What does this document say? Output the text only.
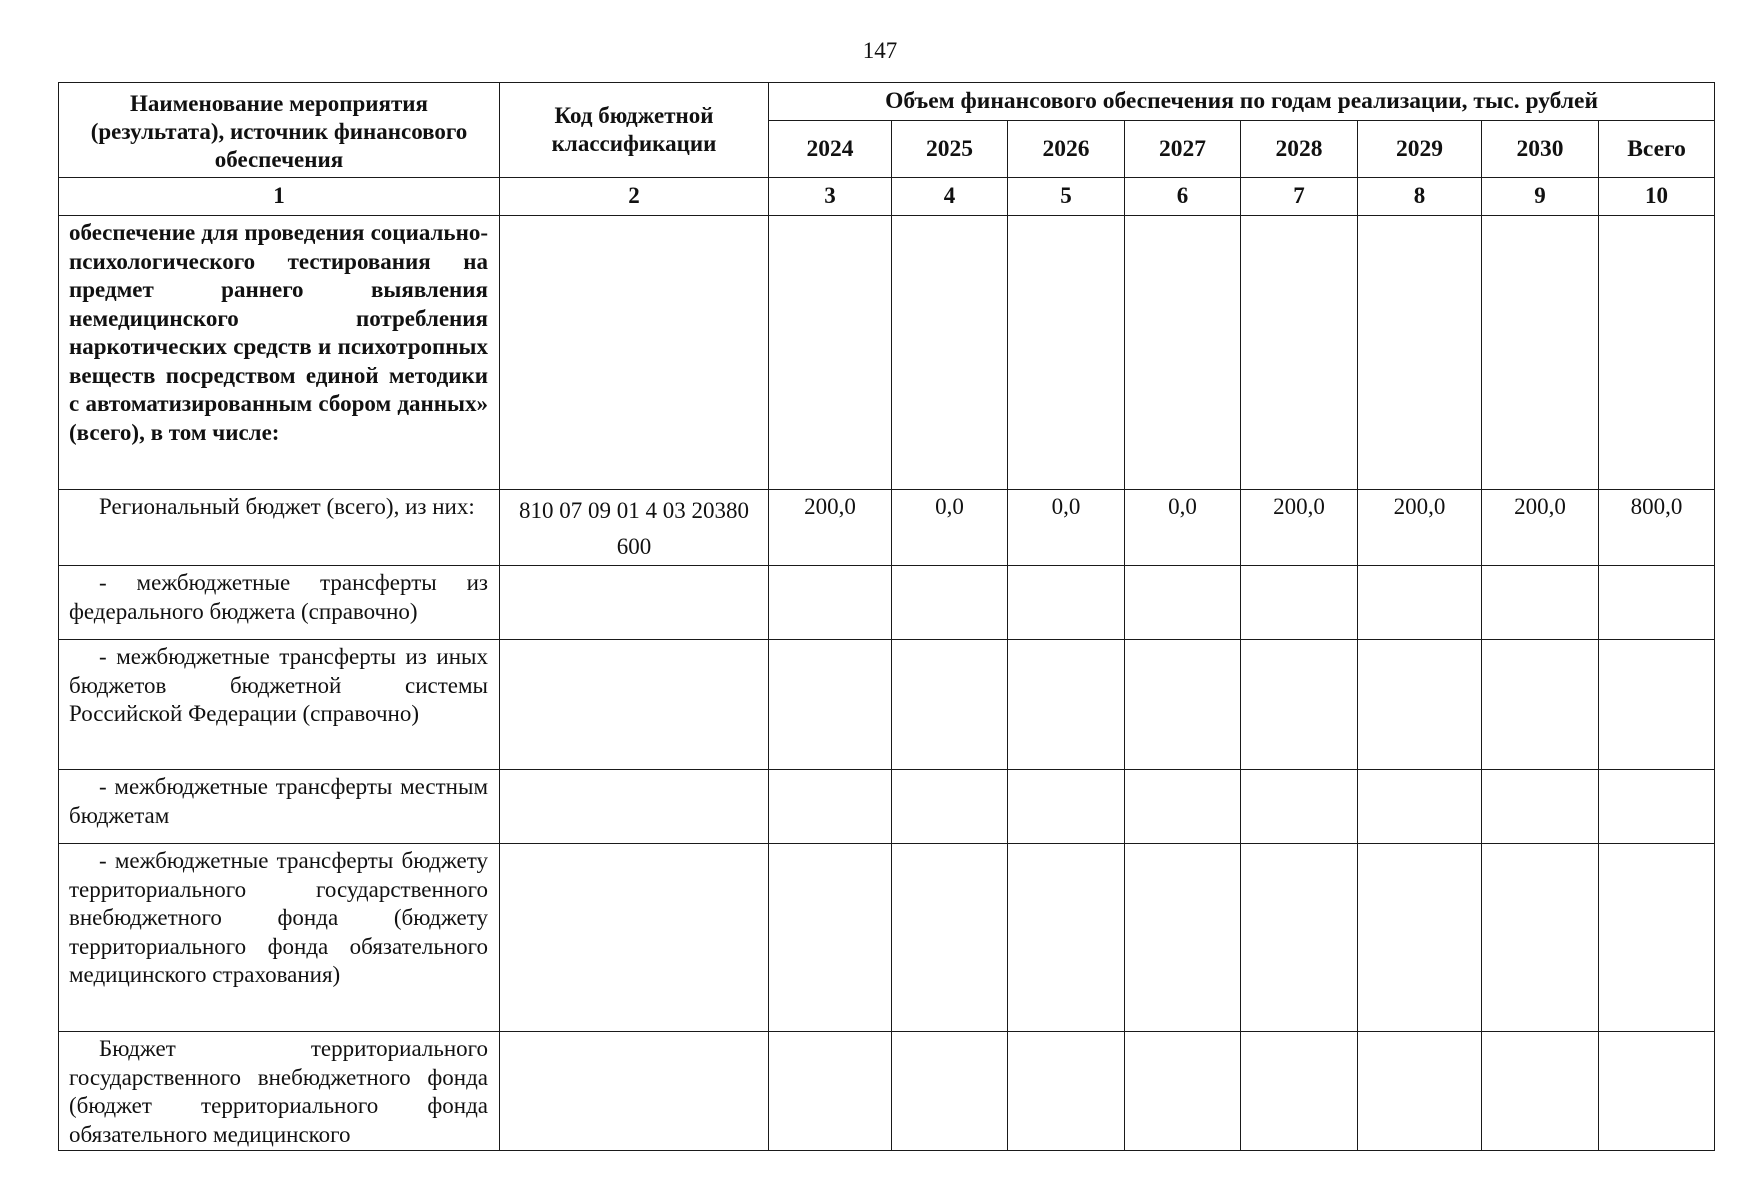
147
Наименование мероприятия (результата), источник финансового обеспечения	Код бюджетной классификации	Объем финансового обеспечения по годам реализации, тыс. рублей							
		2024	2025	2026	2027	2028	2029	2030	Всего
1	2	3	4	5	6	7	8	9	10
обеспечение для проведения социально-психологического тестирования на предмет раннего выявления немедицинского потребления наркотических средств и психотропных веществ посредством единой методики с автоматизированным сбором данных» (всего), в том числе:									
Региональный бюджет (всего), из них:	810 07 09 01 4 03 20380 600	200,0	0,0	0,0	0,0	200,0	200,0	200,0	800,0
- межбюджетные трансферты из федерального бюджета (справочно)									
- межбюджетные трансферты из иных бюджетов бюджетной системы Российской Федерации (справочно)									
- межбюджетные трансферты местным бюджетам									
- межбюджетные трансферты бюджету территориального государственного внебюджетного фонда (бюджету территориального фонда обязательного медицинского страхования)									

Бюджет территориального государственного внебюджетного фонда (бюджет территориального фонда обязательного медицинского									
